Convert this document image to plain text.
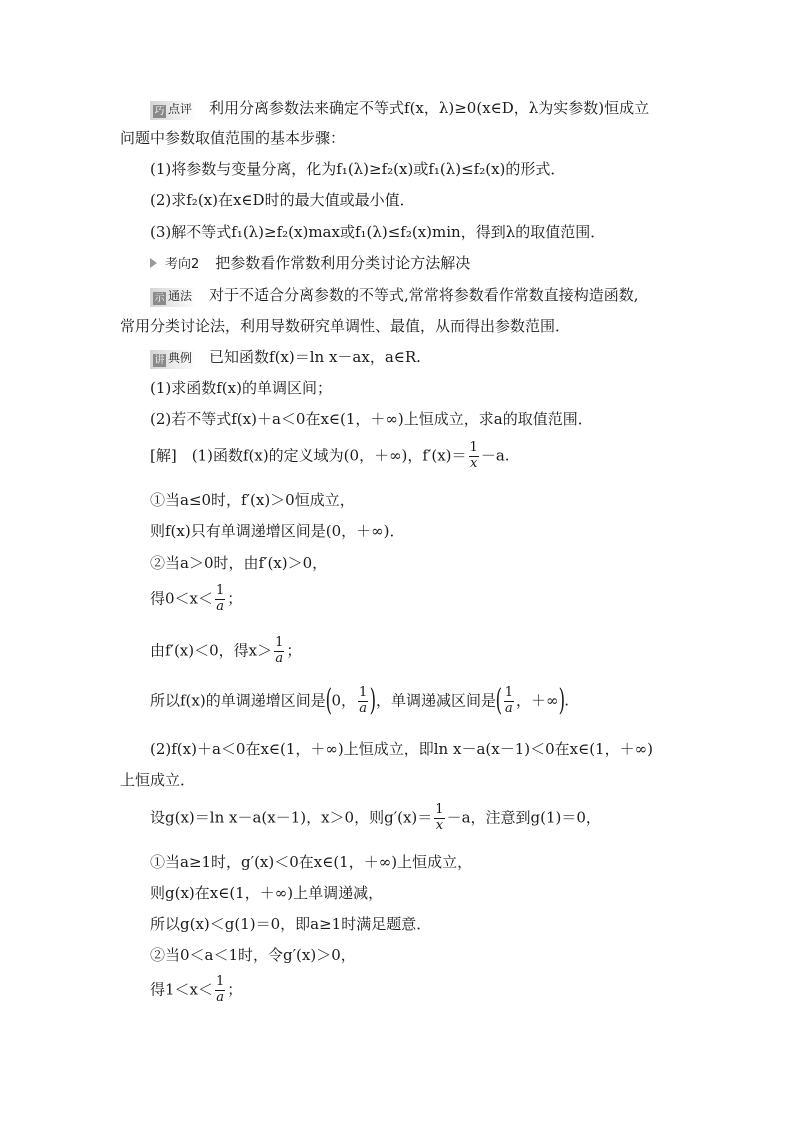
巧 点评 利用分离参数法来确定不等式f(x，λ)≥0(x∈D，λ为实参数)恒成立
问题中参数取值范围的基本步骤：
(1)将参数与变量分离，化为f₁(λ)≥f₂(x)或f₁(λ)≤f₂(x)的形式．
(2)求f₂(x)在x∈D时的最大值或最小值．
(3)解不等式f₁(λ)≥f₂(x)max或f₁(λ)≤f₂(x)min，得到λ的取值范围．
考向2 把参数看作常数利用分类讨论方法解决
示 通法 对于不适合分离参数的不等式,常常将参数看作常数直接构造函数,
常用分类讨论法，利用导数研究单调性、最值，从而得出参数范围．
讲 典例 已知函数f(x)＝ln x－ax，a∈R.
(1)求函数f(x)的单调区间；
(2)若不等式f(x)＋a＜0在x∈(1，＋∞)上恒成立，求a的取值范围．
[解]　(1)函数f(x)的定义域为(0，＋∞)，$f'(x)= \frac{1}{x} -a$.
①当a≤0时，f′(x)＞0恒成立，
则f(x)只有单调递增区间是(0，＋∞)．
②当a＞0时，由f′(x)＞0，
得$0<x< \frac{1}{a}$ ；
由f′(x)＜0，得$x> \frac{1}{a}$ ；
所以f(x)的单调递增区间是(0， $\frac{1}{a}$ )，单调递减区间是( $\frac{1}{a}$ ，＋∞).
(2)f(x)＋a＜0在x∈(1，＋∞)上恒成立，即ln x－a(x－1)＜0在x∈(1，＋∞)
上恒成立．
设g(x)＝ln x－a(x－1)，x＞0，则$g'(x)= \frac{1}{x} -a$，注意到g(1)＝0，
①当a≥1时，g′(x)＜0在x∈(1，＋∞)上恒成立，
则g(x)在x∈(1，＋∞)上单调递减，
所以g(x)＜g(1)＝0，即a≥1时满足题意．
②当0＜a＜1时，令g′(x)＞0，
得$1<x< \frac{1}{a}$ ；
